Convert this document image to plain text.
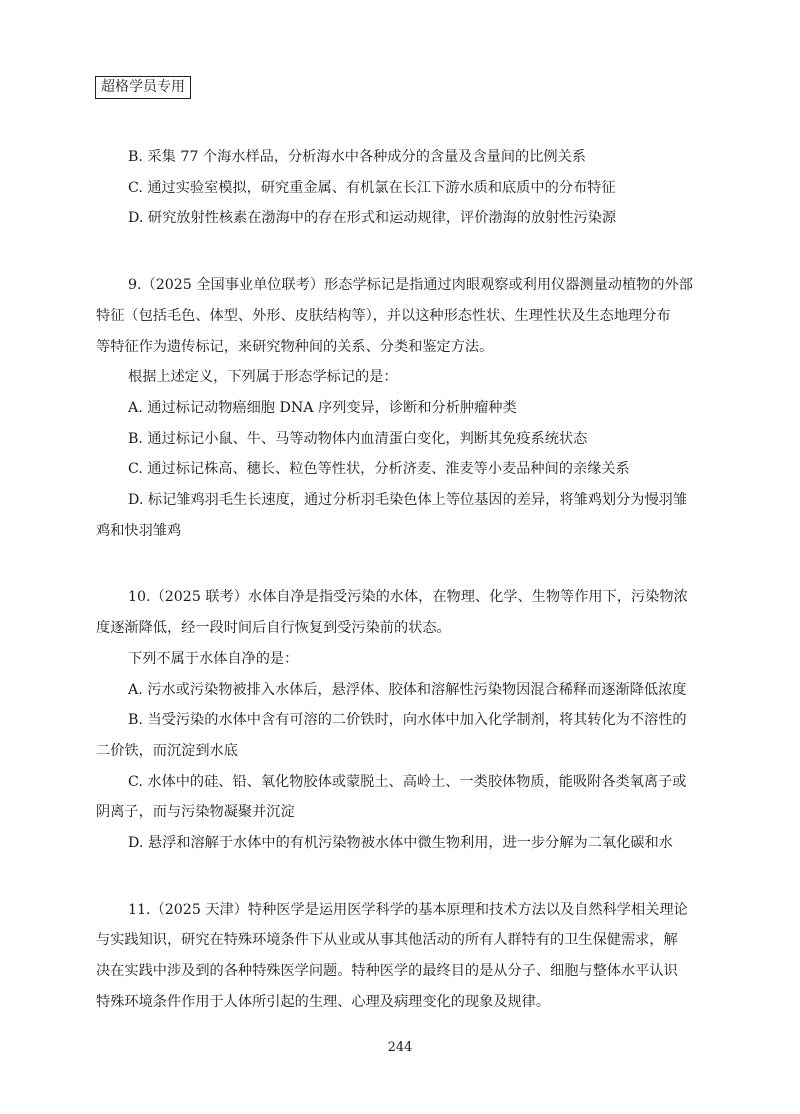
超格学员专用
B. 采集 77 个海水样品，分析海水中各种成分的含量及含量间的比例关系
C. 通过实验室模拟，研究重金属、有机氯在长江下游水质和底质中的分布特征
D. 研究放射性核素在渤海中的存在形式和运动规律，评价渤海的放射性污染源
9.（2025 全国事业单位联考）形态学标记是指通过肉眼观察或利用仪器测量动植物的外部
特征（包括毛色、体型、外形、皮肤结构等），并以这种形态性状、生理性状及生态地理分布
等特征作为遗传标记，来研究物种间的关系、分类和鉴定方法。
根据上述定义，下列属于形态学标记的是：
A. 通过标记动物癌细胞 DNA 序列变异，诊断和分析肿瘤种类
B. 通过标记小鼠、牛、马等动物体内血清蛋白变化，判断其免疫系统状态
C. 通过标记株高、穗长、粒色等性状，分析济麦、淮麦等小麦品种间的亲缘关系
D. 标记雏鸡羽毛生长速度，通过分析羽毛染色体上等位基因的差异，将雏鸡划分为慢羽雏
鸡和快羽雏鸡
10.（2025 联考）水体自净是指受污染的水体，在物理、化学、生物等作用下，污染物浓
度逐渐降低，经一段时间后自行恢复到受污染前的状态。
下列不属于水体自净的是：
A. 污水或污染物被排入水体后，悬浮体、胶体和溶解性污染物因混合稀释而逐渐降低浓度
B. 当受污染的水体中含有可溶的二价铁时，向水体中加入化学制剂，将其转化为不溶性的
二价铁，而沉淀到水底
C. 水体中的硅、铅、氧化物胶体或蒙脱土、高岭土、一类胶体物质，能吸附各类氧离子或
阴离子，而与污染物凝聚并沉淀
D. 悬浮和溶解于水体中的有机污染物被水体中微生物利用，进一步分解为二氧化碳和水
11.（2025 天津）特种医学是运用医学科学的基本原理和技术方法以及自然科学相关理论
与实践知识，研究在特殊环境条件下从业或从事其他活动的所有人群特有的卫生保健需求，解
决在实践中涉及到的各种特殊医学问题。特种医学的最终目的是从分子、细胞与整体水平认识
特殊环境条件作用于人体所引起的生理、心理及病理变化的现象及规律。
244
